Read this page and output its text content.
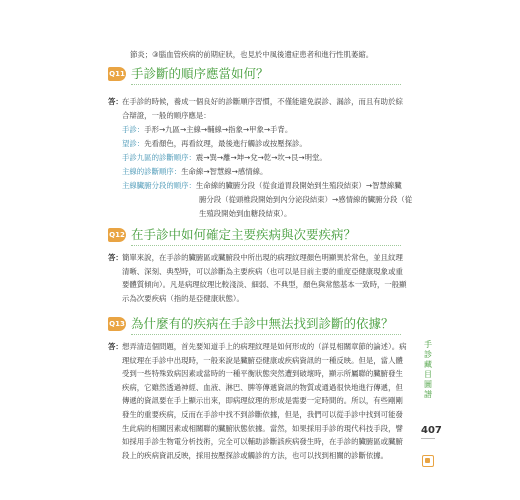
節炎；③腦血管疾病的前期症狀，也見於中風後遺症患者和進行性肌萎縮。
Q11 手診斷的順序應當如何？
答： 在手診的時候，養成一個良好的診斷順序習慣，不僅能避免誤診、漏診，而且有助於綜合辯證，一般的順序應是：
手診：手形→九區→主線→輔線→指象→甲象→手背。
望診：先看顏色，再看紋理，最後進行觸診或按壓探診。
手診九區的診斷順序：震→巽→離→坤→兌→乾→坎→艮→明堂。
主線的診斷順序：生命線→智慧線→感情線。
主線臟腑分段的順序：生命線的臟腑分段（從食道胃段開始到生殖段結束）→智慧線臟
腑分段（從頭椎段開始到內分泌段結束）→感情線的臟腑分段（從
生殖段開始到血糖段結束）。
Q12 在手診中如何確定主要疾病與次要疾病？
答： 簡單來說，在手診的臟腑區或臟腑段中所出現的病理紋理顏色明顯異於常色，並且紋理清晰、深刻、典型時，可以診斷為主要疾病（也可以是目前主要的重度亞健康現象或重要體質傾向）。凡是病理紋理比較淺淡、細弱、不典型，顏色與常態基本一致時，一般顯示為次要疾病（指的是亞健康狀態）。
Q13 為什麼有的疾病在手診中無法找到診斷的依據？
答： 想弄清這個問題，首先要知道手上的病理紋理是如何形成的（詳見相關章節的論述）。病理紋理在手診中出現時，一般來說是臟腑亞健康或疾病資訊的一種反映。但是，當人體受到一些特殊致病因素或當時的一種平衡狀態突然遭到破壞時，顯示所屬聯的臟腑發生疾病，它雖然透過神經、血液、淋巴、脾等傳遞資訊的物質或通過很快地進行傳遞，但傳遞的資訊要在手上顯示出來，即病理紋理的形成是需要一定時間的。所以，有些剛剛發生的重要疾病，反而在手診中找不到診斷依據，但是，我們可以從手診中找到可能發生此病的相關因素或相關聯的臟腑狀態依據。當然，如果採用手診的現代科技手段，譬如採用手診生物電分析技術，完全可以輔助診斷該疾病發生時，在手診的臟腑區或臟腑段上的疾病資訊反映，採用按壓探診或觸診的方法，也可以找到相關的診斷依據。
手診藏目圖譜
407
